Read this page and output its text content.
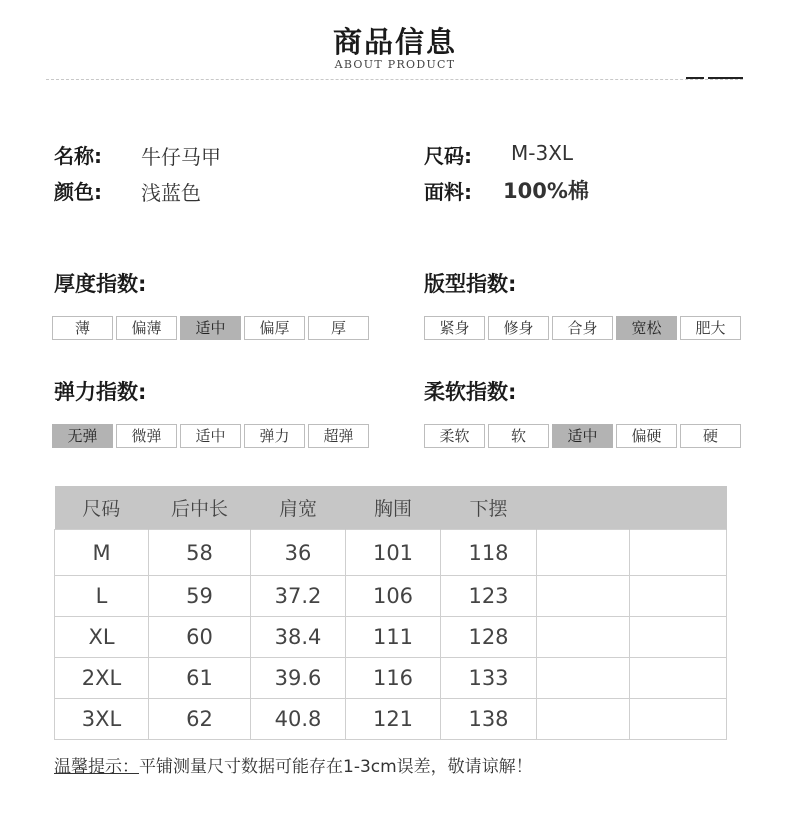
商品信息
ABOUT PRODUCT
名称: 牛仔马甲	尺码: M-3XL
颜色: 浅蓝色	面料: 100%棉
厚度指数:
薄	偏薄	适中	偏厚	厚
版型指数:
紧身	修身	合身	宽松	肥大
弹力指数:
无弹	微弹	适中	弹力	超弹
柔软指数:
柔软	软	适中	偏硬	硬
尺码	后中长	肩宽	胸围	下摆		
M	58	36	101	118		
L	59	37.2	106	123		
XL	60	38.4	111	128		
2XL	61	39.6	116	133		
3XL	62	40.8	121	138		
温馨提示：平铺测量尺寸数据可能存在1-3cm误差，敬请谅解！
